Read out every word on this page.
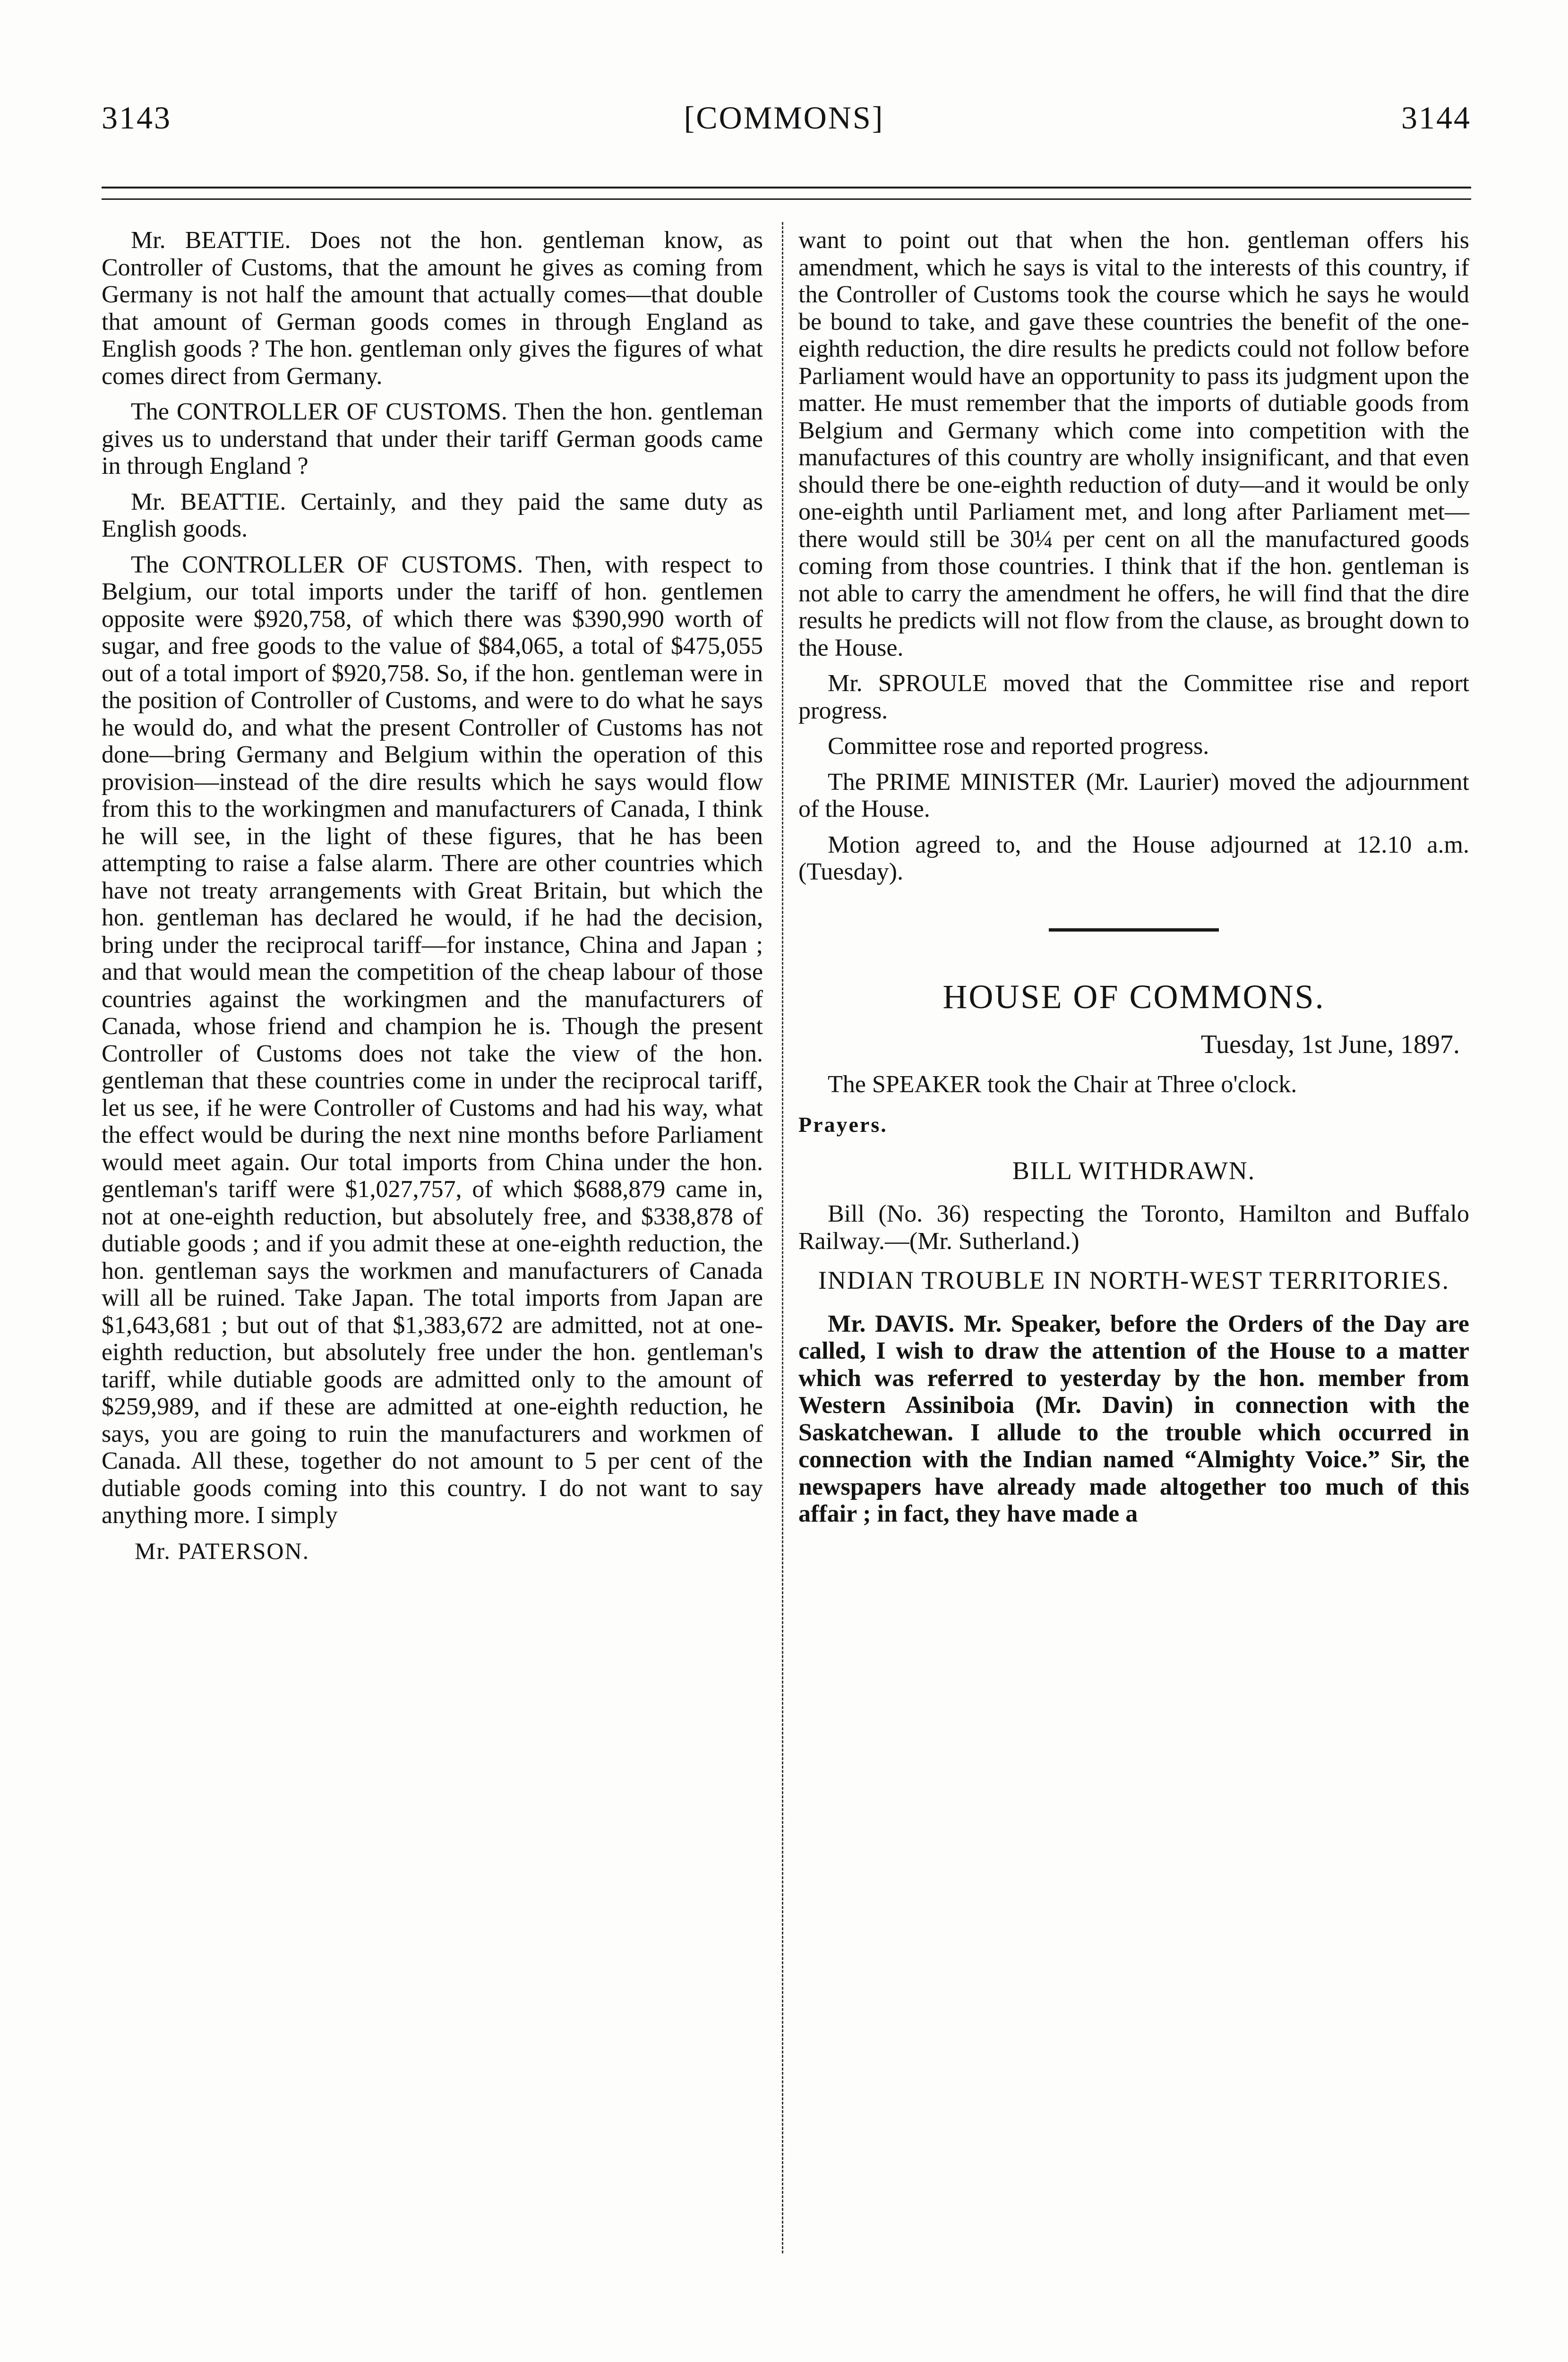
3143	[COMMONS]	3144

Mr. BEATTIE. Does not the hon. gentleman know, as Controller of Customs, that the amount he gives as coming from Germany is not half the amount that actually comes—that double that amount of German goods comes in through England as English goods ? The hon. gentleman only gives the figures of what comes direct from Germany.

The CONTROLLER OF CUSTOMS. Then the hon. gentleman gives us to understand that under their tariff German goods came in through England ?

Mr. BEATTIE. Certainly, and they paid the same duty as English goods.

The CONTROLLER OF CUSTOMS. Then, with respect to Belgium, our total imports under the tariff of hon. gentlemen opposite were $920,758, of which there was $390,990 worth of sugar, and free goods to the value of $84,065, a total of $475,055 out of a total import of $920,758. So, if the hon. gentleman were in the position of Controller of Customs, and were to do what he says he would do, and what the present Controller of Customs has not done—bring Germany and Belgium within the operation of this provision—instead of the dire results which he says would flow from this to the workingmen and manufacturers of Canada, I think he will see, in the light of these figures, that he has been attempting to raise a false alarm. There are other countries which have not treaty arrangements with Great Britain, but which the hon. gentleman has declared he would, if he had the decision, bring under the reciprocal tariff—for instance, China and Japan ; and that would mean the competition of the cheap labour of those countries against the workingmen and the manufacturers of Canada, whose friend and champion he is. Though the present Controller of Customs does not take the view of the hon. gentleman that these countries come in under the reciprocal tariff, let us see, if he were Controller of Customs and had his way, what the effect would be during the next nine months before Parliament would meet again. Our total imports from China under the hon. gentleman's tariff were $1,027,757, of which $688,879 came in, not at one-eighth reduction, but absolutely free, and $338,878 of dutiable goods ; and if you admit these at one-eighth reduction, the hon. gentleman says the workmen and manufacturers of Canada will all be ruined. Take Japan. The total imports from Japan are $1,643,681 ; but out of that $1,383,672 are admitted, not at one-eighth reduction, but absolutely free under the hon. gentleman's tariff, while dutiable goods are admitted only to the amount of $259,989, and if these are admitted at one-eighth reduction, he says, you are going to ruin the manufacturers and workmen of Canada. All these, together do not amount to 5 per cent of the dutiable goods coming into this country. I do not want to say anything more. I simply

Mr. PATERSON.

want to point out that when the hon. gentleman offers his amendment, which he says is vital to the interests of this country, if the Controller of Customs took the course which he says he would be bound to take, and gave these countries the benefit of the one-eighth reduction, the dire results he predicts could not follow before Parliament would have an opportunity to pass its judgment upon the matter. He must remember that the imports of dutiable goods from Belgium and Germany which come into competition with the manufactures of this country are wholly insignificant, and that even should there be one-eighth reduction of duty—and it would be only one-eighth until Parliament met, and long after Parliament met—there would still be 30¼ per cent on all the manufactured goods coming from those countries. I think that if the hon. gentleman is not able to carry the amendment he offers, he will find that the dire results he predicts will not flow from the clause, as brought down to the House.

Mr. SPROULE moved that the Committee rise and report progress.

Committee rose and reported progress.

The PRIME MINISTER (Mr. Laurier) moved the adjournment of the House.

Motion agreed to, and the House adjourned at 12.10 a.m. (Tuesday).

HOUSE OF COMMONS.
Tuesday, 1st June, 1897.

The SPEAKER took the Chair at Three o'clock.

Prayers.
BILL WITHDRAWN.

Bill (No. 36) respecting the Toronto, Hamilton and Buffalo Railway.—(Mr. Sutherland.)

INDIAN TROUBLE IN NORTH-WEST TERRITORIES.

Mr. DAVIS. Mr. Speaker, before the Orders of the Day are called, I wish to draw the attention of the House to a matter which was referred to yesterday by the hon. member from Western Assiniboia (Mr. Davin) in connection with the Saskatchewan. I allude to the trouble which occurred in connection with the Indian named “Almighty Voice.” Sir, the newspapers have already made altogether too much of this affair ; in fact, they have made a
